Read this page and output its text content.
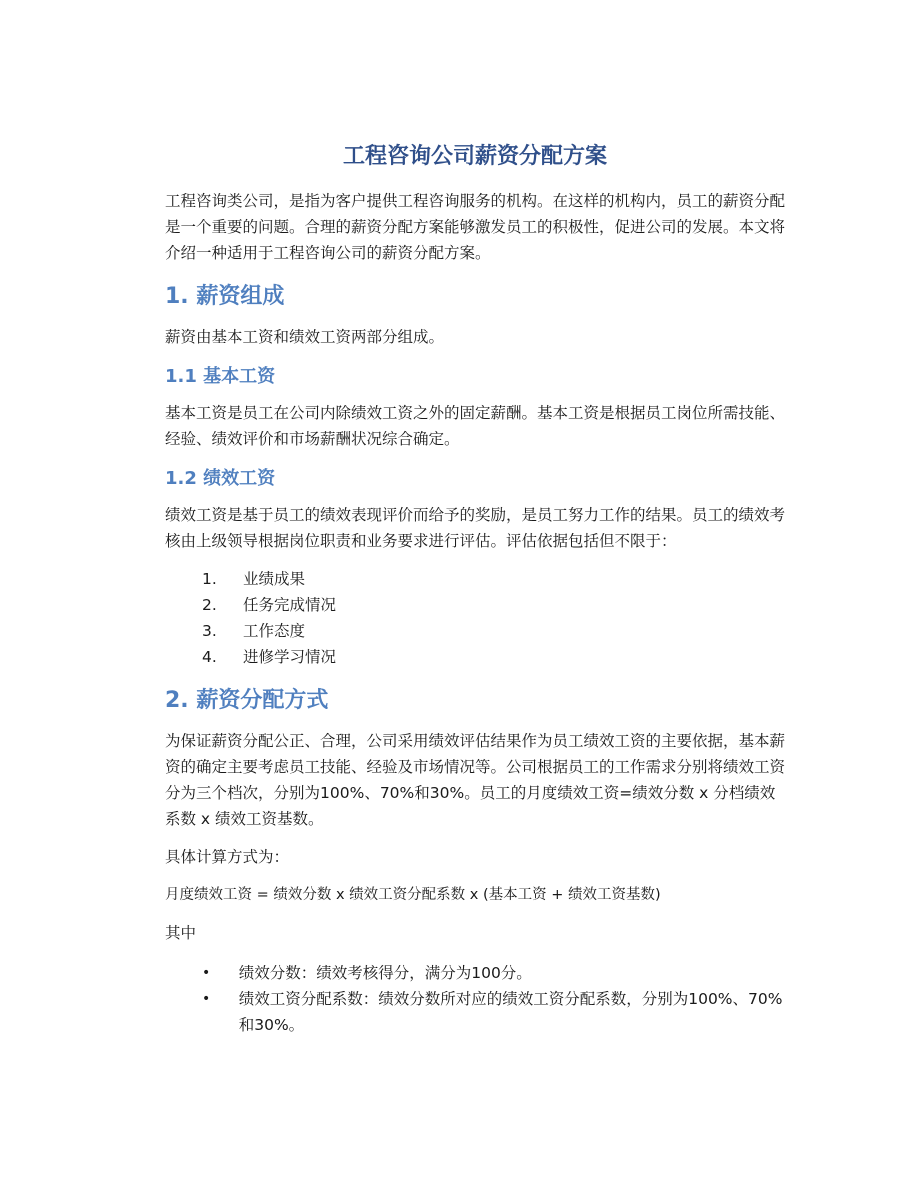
工程咨询公司薪资分配方案

工程咨询类公司，是指为客户提供工程咨询服务的机构。在这样的机构内，员工的薪资分配是一个重要的问题。合理的薪资分配方案能够激发员工的积极性，促进公司的发展。本文将介绍一种适用于工程咨询公司的薪资分配方案。

1. 薪资组成

薪资由基本工资和绩效工资两部分组成。

1.1 基本工资

基本工资是员工在公司内除绩效工资之外的固定薪酬。基本工资是根据员工岗位所需技能、经验、绩效评价和市场薪酬状况综合确定。

1.2 绩效工资

绩效工资是基于员工的绩效表现评价而给予的奖励，是员工努力工作的结果。员工的绩效考核由上级领导根据岗位职责和业务要求进行评估。评估依据包括但不限于：

1.	业绩成果
2.	任务完成情况
3.	工作态度
4.	进修学习情况
2. 薪资分配方式

为保证薪资分配公正、合理，公司采用绩效评估结果作为员工绩效工资的主要依据，基本薪资的确定主要考虑员工技能、经验及市场情况等。公司根据员工的工作需求分别将绩效工资分为三个档次，分别为100%、70%和30%。员工的月度绩效工资=绩效分数 x 分档绩效系数 x 绩效工资基数。

具体计算方式为：

月度绩效工资 = 绩效分数 x 绩效工资分配系数 x (基本工资 + 绩效工资基数)

其中

•	绩效分数：绩效考核得分，满分为100分。
•	绩效工资分配系数：绩效分数所对应的绩效工资分配系数，分别为100%、70%和30%。
